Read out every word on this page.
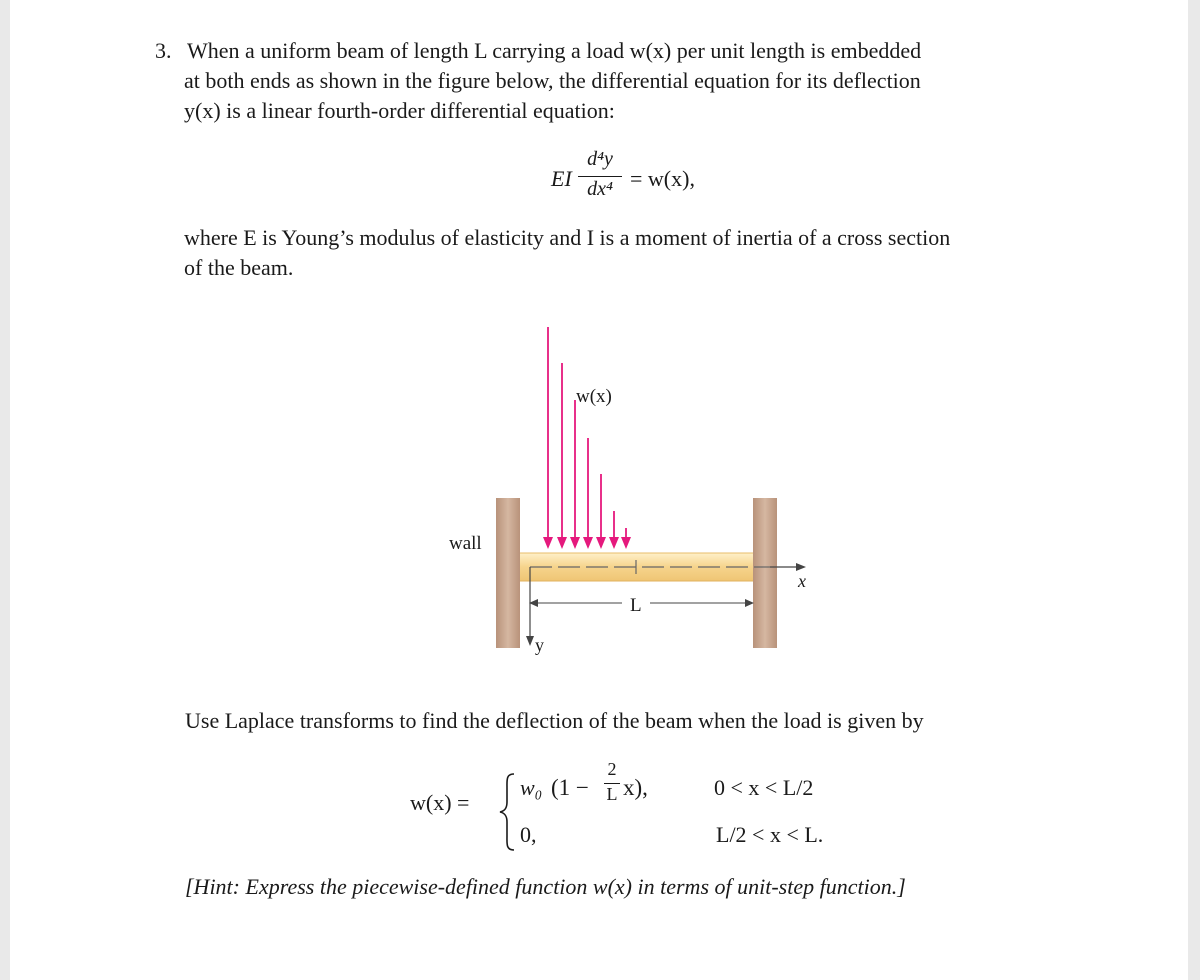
3. When a uniform beam of length L carrying a load w(x) per unit length is embedded
at both ends as shown in the figure below, the differential equation for its deflection
y(x) is a linear fourth-order differential equation:
EI
d⁴y
dx⁴ = w(x),
where E is Young’s modulus of elasticity and I is a moment of inertia of a cross section
of the beam.
w(x)
wall
L
x
y
Use Laplace transforms to find the deflection of the beam when the load is given by
w(x) =
w₀ (1 −
2
L x),	0 < x < L/2
0,	L/2 < x < L.
[Hint: Express the piecewise-defined function w(x) in terms of unit-step function.]
